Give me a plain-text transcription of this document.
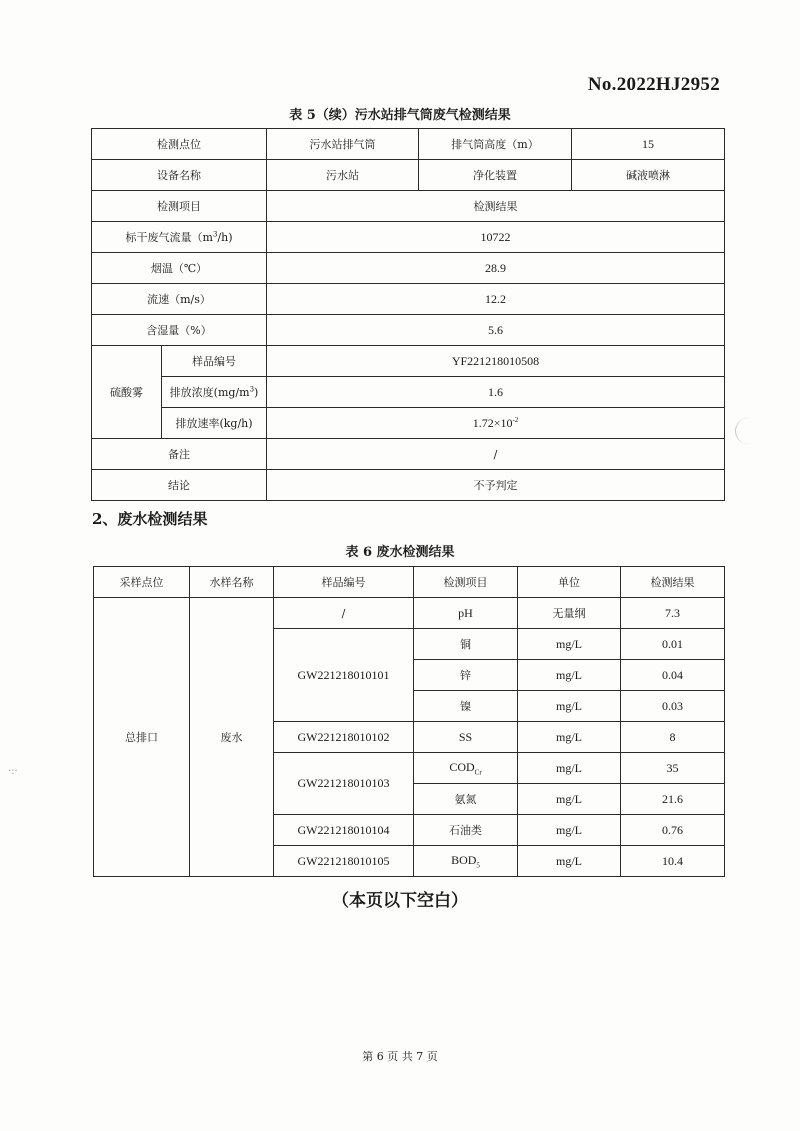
No.2022HJ2952
表 5（续）污水站排气筒废气检测结果
检测点位		污水站排气筒	排气筒高度（m）	15
设备名称		污水站	净化装置	碱液喷淋
检测项目		检测结果		
标干废气流量$(m^3/h)$		10722		
烟温（℃）		28.9		
流速（m/s）		12.2		
含湿量（%）		5.6		
硫酸雾	样品编号	YF221218010508		
	排放浓度$(mg/m^3)$	1.6		
	排放速率(kg/h)	$1.72\times 10^{-2}$
备注		/		
结论		不予判定		
2、废水检测结果
表 6 废水检测结果
采样点位	水样名称	样品编号	检测项目	单位	检测结果
总排口	废水	/	pH	无量纲	7.3
		GW221218010101	铜	mg/L	0.01
			锌	mg/L	0.04
			镍	mg/L	0.03
		GW221218010102	SS	mg/L	8
		GW221218010103	$COD_{Cr}$	mg/L	35
			氨氮	mg/L	21.6
		GW221218010104	石油类	mg/L	0.76
		GW221218010105	$BOD_5$	mg/L	10.4
（本页以下空白）
第 6 页 共 7 页
·:·
